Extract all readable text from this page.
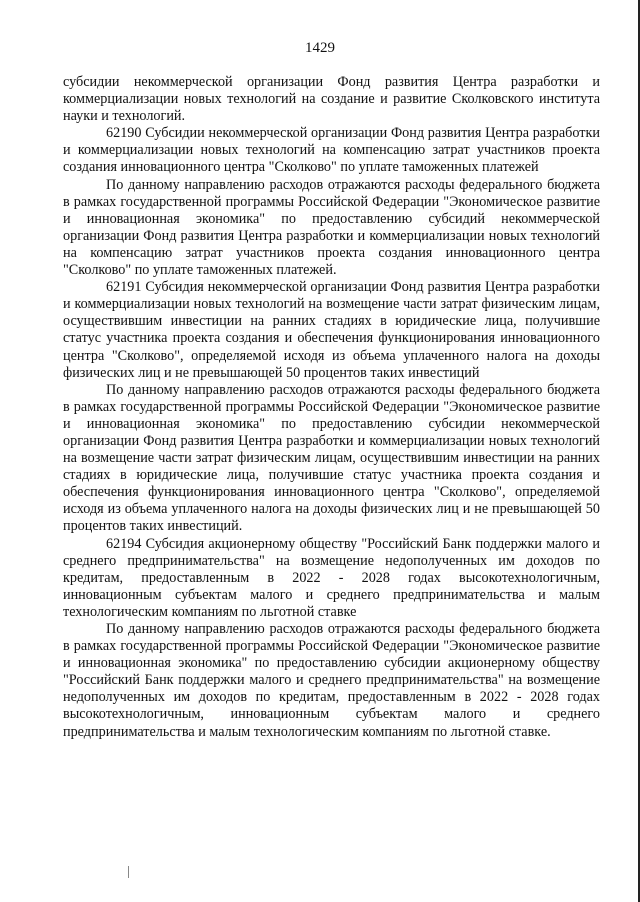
1429

субсидии некоммерческой организации Фонд развития Центра разработки и коммерциализации новых технологий на создание и развитие Сколковского института науки и технологий.

62190 Субсидии некоммерческой организации Фонд развития Центра разработки и коммерциализации новых технологий на компенсацию затрат участников проекта создания инновационного центра "Сколково" по уплате таможенных платежей

По данному направлению расходов отражаются расходы федерального бюджета в рамках государственной программы Российской Федерации "Экономическое развитие и инновационная экономика" по предоставлению субсидий некоммерческой организации Фонд развития Центра разработки и коммерциализации новых технологий на компенсацию затрат участников проекта создания инновационного центра "Сколково" по уплате таможенных платежей.

62191 Субсидия некоммерческой организации Фонд развития Центра разработки и коммерциализации новых технологий на возмещение части затрат физическим лицам, осуществившим инвестиции на ранних стадиях в юридические лица, получившие статус участника проекта создания и обеспечения функционирования инновационного центра "Сколково", определяемой исходя из объема уплаченного налога на доходы физических лиц и не превышающей 50 процентов таких инвестиций

По данному направлению расходов отражаются расходы федерального бюджета в рамках государственной программы Российской Федерации "Экономическое развитие и инновационная экономика" по предоставлению субсидии некоммерческой организации Фонд развития Центра разработки и коммерциализации новых технологий на возмещение части затрат физическим лицам, осуществившим инвестиции на ранних стадиях в юридические лица, получившие статус участника проекта создания и обеспечения функционирования инновационного центра "Сколково", определяемой исходя из объема уплаченного налога на доходы физических лиц и не превышающей 50 процентов таких инвестиций.

62194 Субсидия акционерному обществу "Российский Банк поддержки малого и среднего предпринимательства" на возмещение недополученных им доходов по кредитам, предоставленным в 2022 - 2028 годах высокотехнологичным, инновационным субъектам малого и среднего предпринимательства и малым технологическим компаниям по льготной ставке

По данному направлению расходов отражаются расходы федерального бюджета в рамках государственной программы Российской Федерации "Экономическое развитие и инновационная экономика" по предоставлению субсидии акционерному обществу "Российский Банк поддержки малого и среднего предпринимательства" на возмещение недополученных им доходов по кредитам, предоставленным в 2022 - 2028 годах высокотехнологичным, инновационным субъектам малого и среднего предпринимательства и малым технологическим компаниям по льготной ставке.
